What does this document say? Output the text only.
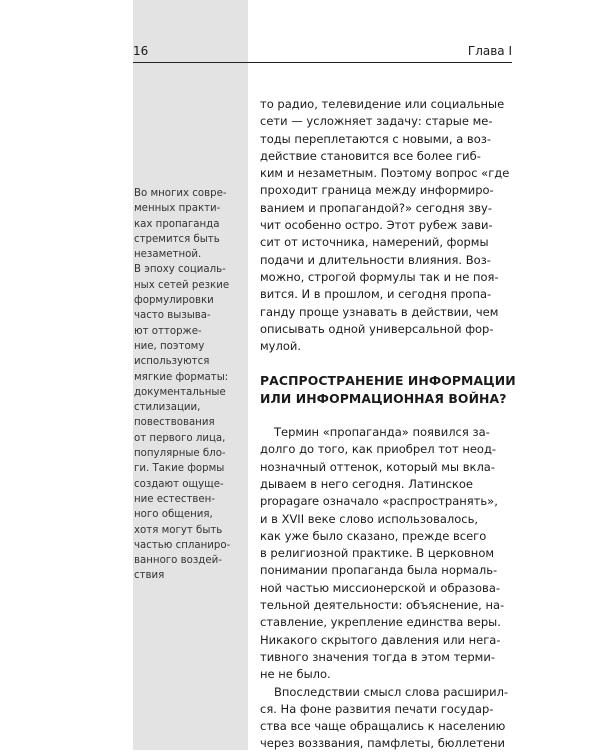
16	Глава I
Во многих совре-
менных практи-
ках пропаганда
стремится быть
незаметной.
В эпоху социаль-
ных сетей резкие
формулировки
часто вызыва-
ют отторже-
ние, поэтому
используются
мягкие форматы:
документальные
стилизации,
повествования
от первого лица,
популярные бло-
ги. Такие формы
создают ощуще-
ние естествен-
ного общения,
хотя могут быть
частью спланиро-
ванного воздей-
ствия
то радио, телевидение или социальные
сети — усложняет задачу: старые ме-
тоды переплетаются с новыми, а воз-
действие становится все более гиб-
ким и незаметным. Поэтому вопрос «где
проходит граница между информиро-
ванием и пропагандой?» сегодня зву-
чит особенно остро. Этот рубеж зави-
сит от источника, намерений, формы
подачи и длительности влияния. Воз-
можно, строгой формулы так и не поя-
вится. И в прошлом, и сегодня пропа-
ганду проще узнавать в действии, чем
описывать одной универсальной фор-
мулой.
РАСПРОСТРАНЕНИЕ ИНФОРМАЦИИ
ИЛИ ИНФОРМАЦИОННАЯ ВОЙНА?
Термин «пропаганда» появился за-
долго до того, как приобрел тот неод-
нозначный оттенок, который мы вкла-
дываем в него сегодня. Латинское
propagare означало «распространять»,
и в XVII веке слово использовалось,
как уже было сказано, прежде всего
в религиозной практике. В церковном
понимании пропаганда была нормаль-
ной частью миссионерской и образова-
тельной деятельности: объяснение, на-
ставление, укрепление единства веры.
Никакого скрытого давления или нега-
тивного значения тогда в этом терми-
не не было.
Впоследствии смысл слова расширил-
ся. На фоне развития печати государ-
ства все чаще обращались к населению
через воззвания, памфлеты, бюллетени
